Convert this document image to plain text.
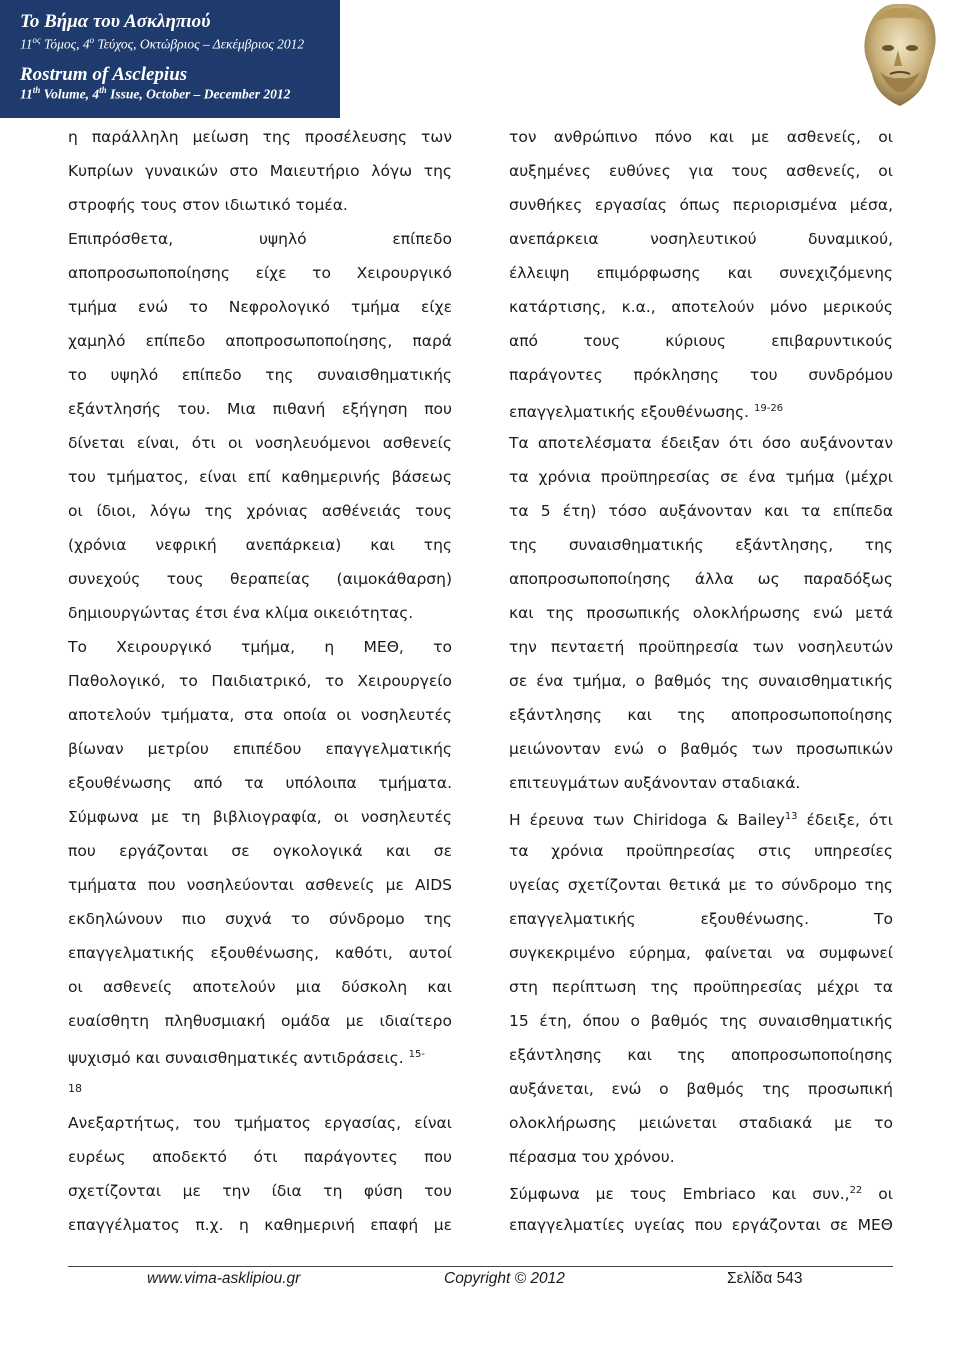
Το Βήμα του Ασκληπιού
$11^{o\varsigma}$ Τόμος, $4^o$ Τεύχος, Οκτώβριος – Δεκέμβριος 2012
Rostrum of Asclepius
11th Volume, 4th Issue, October – December 2012
η παράλληλη μείωση της προσέλευσης των
Κυπρίων γυναικών στο Μαιευτήριο λόγω της
στροφής τους στον ιδιωτικό τομέα.
Επιπρόσθετα, υψηλό επίπεδο
αποπροσωποποίησης είχε το Χειρουργικό
τμήμα ενώ το Νεφρολογικό τμήμα είχε
χαμηλό επίπεδο αποπροσωποποίησης, παρά
το υψηλό επίπεδο της συναισθηματικής
εξάντλησής του. Μια πιθανή εξήγηση που
δίνεται είναι, ότι οι νοσηλευόμενοι ασθενείς
του τμήματος, είναι επί καθημερινής βάσεως
οι ίδιοι, λόγω της χρόνιας ασθένειάς τους
(χρόνια νεφρική ανεπάρκεια) και της
συνεχούς τους θεραπείας (αιμοκάθαρση)
δημιουργώντας έτσι ένα κλίμα οικειότητας.
Το Χειρουργικό τμήμα, η ΜΕΘ, το
Παθολογικό, το Παιδιατρικό, το Χειρουργείο
αποτελούν τμήματα, στα οποία οι νοσηλευτές
βίωναν μετρίου επιπέδου επαγγελματικής
εξουθένωσης από τα υπόλοιπα τμήματα.
Σύμφωνα με τη βιβλιογραφία, οι νοσηλευτές
που εργάζονται σε ογκολογικά και σε
τμήματα που νοσηλεύονται ασθενείς με AIDS
εκδηλώνουν πιο συχνά το σύνδρομο της
επαγγελματικής εξουθένωσης, καθότι, αυτοί
οι ασθενείς αποτελούν μια δύσκολη και
ευαίσθητη πληθυσμιακή ομάδα με ιδιαίτερο
ψυχισμό και συναισθηματικές αντιδράσεις. $^{15-}$
18
Ανεξαρτήτως, του τμήματος εργασίας, είναι
ευρέως αποδεκτό ότι παράγοντες που
σχετίζονται με την ίδια τη φύση του
επαγγέλματος π.χ. η καθημερινή επαφή με
τον ανθρώπινο πόνο και με ασθενείς, οι
αυξημένες ευθύνες για τους ασθενείς, οι
συνθήκες εργασίας όπως περιορισμένα μέσα,
ανεπάρκεια νοσηλευτικού δυναμικού,
έλλειψη επιμόρφωσης και συνεχιζόμενης
κατάρτισης, κ.α., αποτελούν μόνο μερικούς
από τους κύριους επιβαρυντικούς
παράγοντες πρόκλησης του συνδρόμου
επαγγελματικής εξουθένωσης. $^{19-26}$
Τα αποτελέσματα έδειξαν ότι όσο αυξάνονταν
τα χρόνια προϋπηρεσίας σε ένα τμήμα (μέχρι
τα 5 έτη) τόσο αυξάνονταν και τα επίπεδα
της συναισθηματικής εξάντλησης, της
αποπροσωποποίησης άλλα ως παραδόξως
και της προσωπικής ολοκλήρωσης ενώ μετά
την πενταετή προϋπηρεσία των νοσηλευτών
σε ένα τμήμα, ο βαθμός της συναισθηματικής
εξάντλησης και της αποπροσωποποίησης
μειώνονταν ενώ ο βαθμός των προσωπικών
επιτευγμάτων αυξάνονταν σταδιακά.
Η έρευνα των Chiridoga & Bailey$^{13}$ έδειξε, ότι
τα χρόνια προϋπηρεσίας στις υπηρεσίες
υγείας σχετίζονται θετικά με το σύνδρομο της
επαγγελματικής εξουθένωσης. Το
συγκεκριμένο εύρημα, φαίνεται να συμφωνεί
στη περίπτωση της προϋπηρεσίας μέχρι τα
15 έτη, όπου ο βαθμός της συναισθηματικής
εξάντλησης και της αποπροσωποποίησης
αυξάνεται, ενώ ο βαθμός της προσωπική
ολοκλήρωσης μειώνεται σταδιακά με το
πέρασμα του χρόνου.
Σύμφωνα με τους Embriaco και συν.,$^{22}$ οι
επαγγελματίες υγείας που εργάζονται σε ΜΕΘ
www.vima-asklipiou.gr	Copyright © 2012	Σελίδα 543
